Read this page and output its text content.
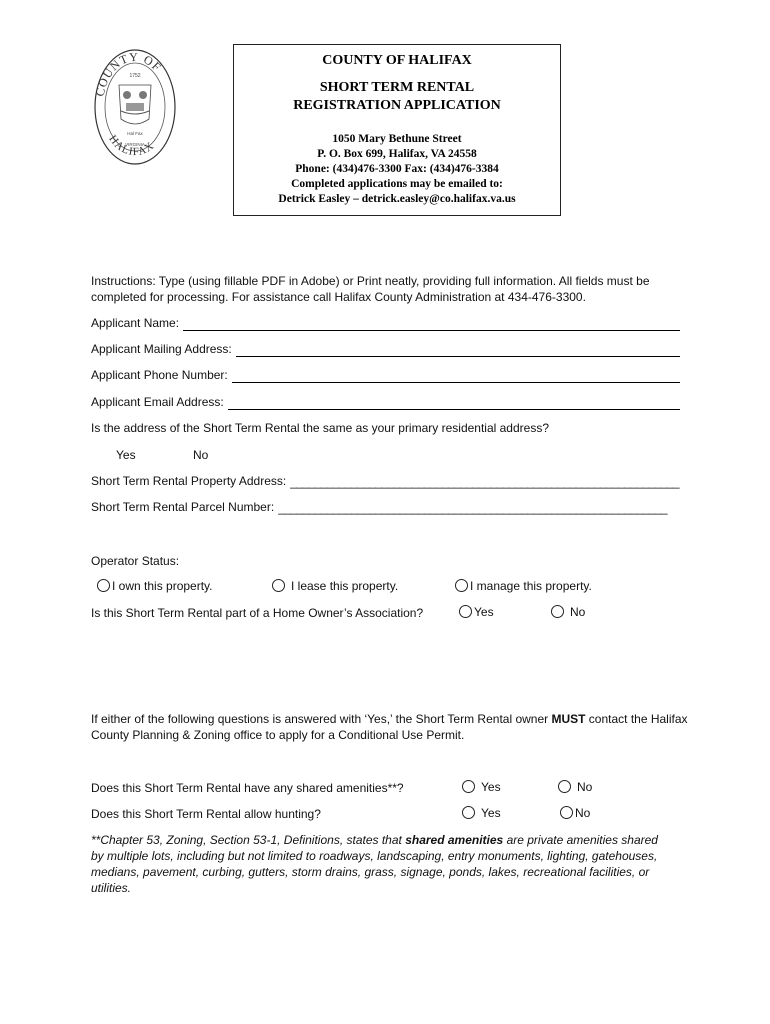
COUNTY OF
HALIFAX
1752
Hal Fax
VIRGINIA
COUNTY OF HALIFAX
SHORT TERM RENTAL
REGISTRATION APPLICATION
1050 Mary Bethune Street
P. O. Box 699, Halifax, VA 24558
Phone: (434)476-3300 Fax: (434)476-3384
Completed applications may be emailed to:
Detrick Easley – detrick.easley@co.halifax.va.us
Instructions: Type (using fillable PDF in Adobe) or Print neatly, providing full information. All fields must be completed for processing. For assistance call Halifax County Administration at 434-476-3300.
Applicant Name:
Applicant Mailing Address:
Applicant Phone Number:
Applicant Email Address:
Is the address of the Short Term Rental the same as your primary residential address?
Yes	No
Short Term Rental Property Address: ________________________________________________________________
Short Term Rental Parcel Number: ________________________________________________________________
Operator Status:
I own this property.	I lease this property.	I manage this property.
Is this Short Term Rental part of a Home Owner’s Association?	Yes	No
If either of the following questions is answered with ‘Yes,’ the Short Term Rental owner MUST contact the Halifax County Planning & Zoning office to apply for a Conditional Use Permit.
Does this Short Term Rental have any shared amenities**?	Yes	No
Does this Short Term Rental allow hunting?	Yes	No
**Chapter 53, Zoning, Section 53-1, Definitions, states that shared amenities are private amenities shared by multiple lots, including but not limited to roadways, landscaping, entry monuments, lighting, gatehouses, medians, pavement, curbing, gutters, storm drains, grass, signage, ponds, lakes, recreational facilities, or utilities.
